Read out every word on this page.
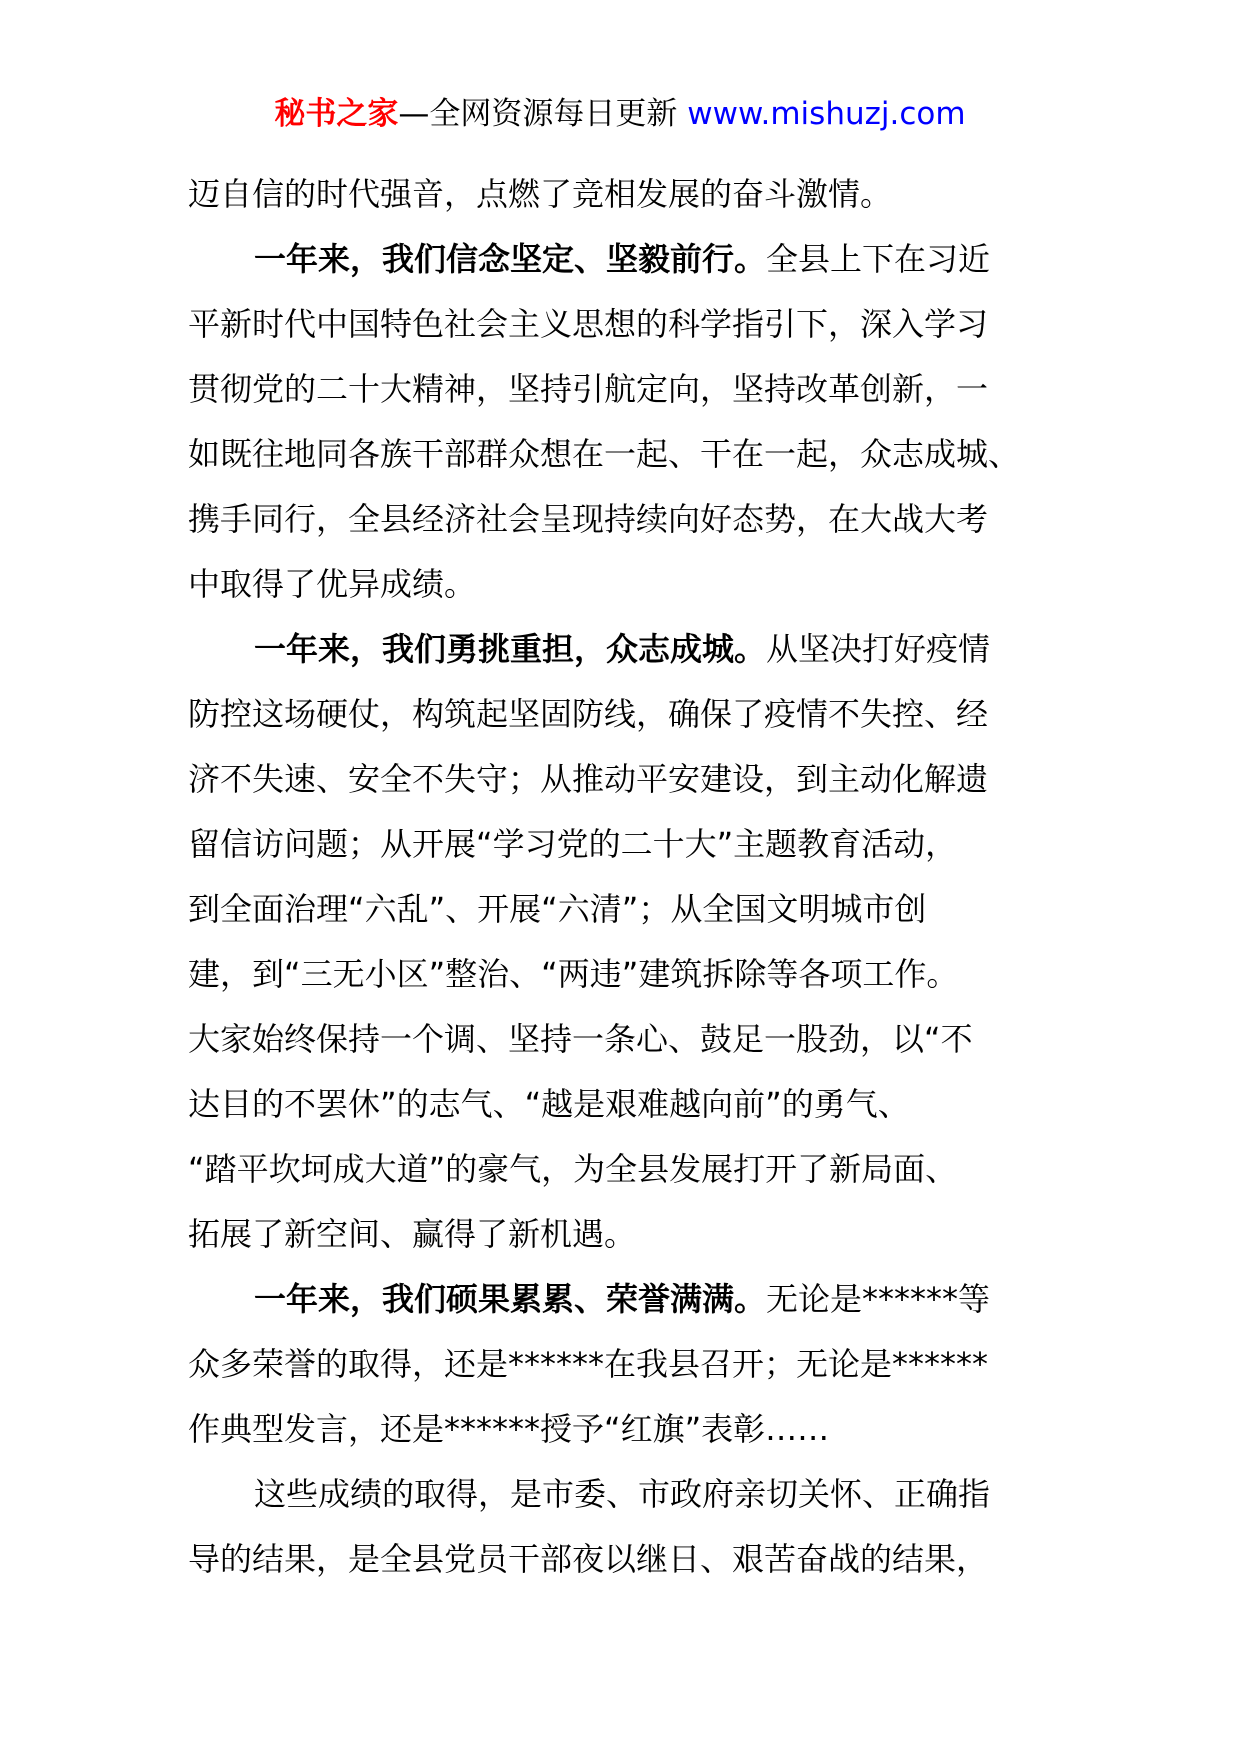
秘书之家—全网资源每日更新 www.mishuzj.com
迈自信的时代强音，点燃了竞相发展的奋斗激情。
一年来，我们信念坚定、坚毅前行。全县上下在习近
平新时代中国特色社会主义思想的科学指引下，深入学习
贯彻党的二十大精神，坚持引航定向，坚持改革创新，一
如既往地同各族干部群众想在一起、干在一起，众志成城、
携手同行，全县经济社会呈现持续向好态势，在大战大考
中取得了优异成绩。
一年来，我们勇挑重担，众志成城。从坚决打好疫情
防控这场硬仗，构筑起坚固防线，确保了疫情不失控、经
济不失速、安全不失守；从推动平安建设，到主动化解遗
留信访问题；从开展“学习党的二十大”主题教育活动，
到全面治理“六乱”、开展“六清”；从全国文明城市创
建，到“三无小区”整治、“两违”建筑拆除等各项工作。
大家始终保持一个调、坚持一条心、鼓足一股劲，以“不
达目的不罢休”的志气、“越是艰难越向前”的勇气、
“踏平坎坷成大道”的豪气，为全县发展打开了新局面、
拓展了新空间、赢得了新机遇。
一年来，我们硕果累累、荣誉满满。无论是******等
众多荣誉的取得，还是******在我县召开；无论是******
作典型发言，还是******授予“红旗”表彰……
这些成绩的取得，是市委、市政府亲切关怀、正确指
导的结果，是全县党员干部夜以继日、艰苦奋战的结果，
